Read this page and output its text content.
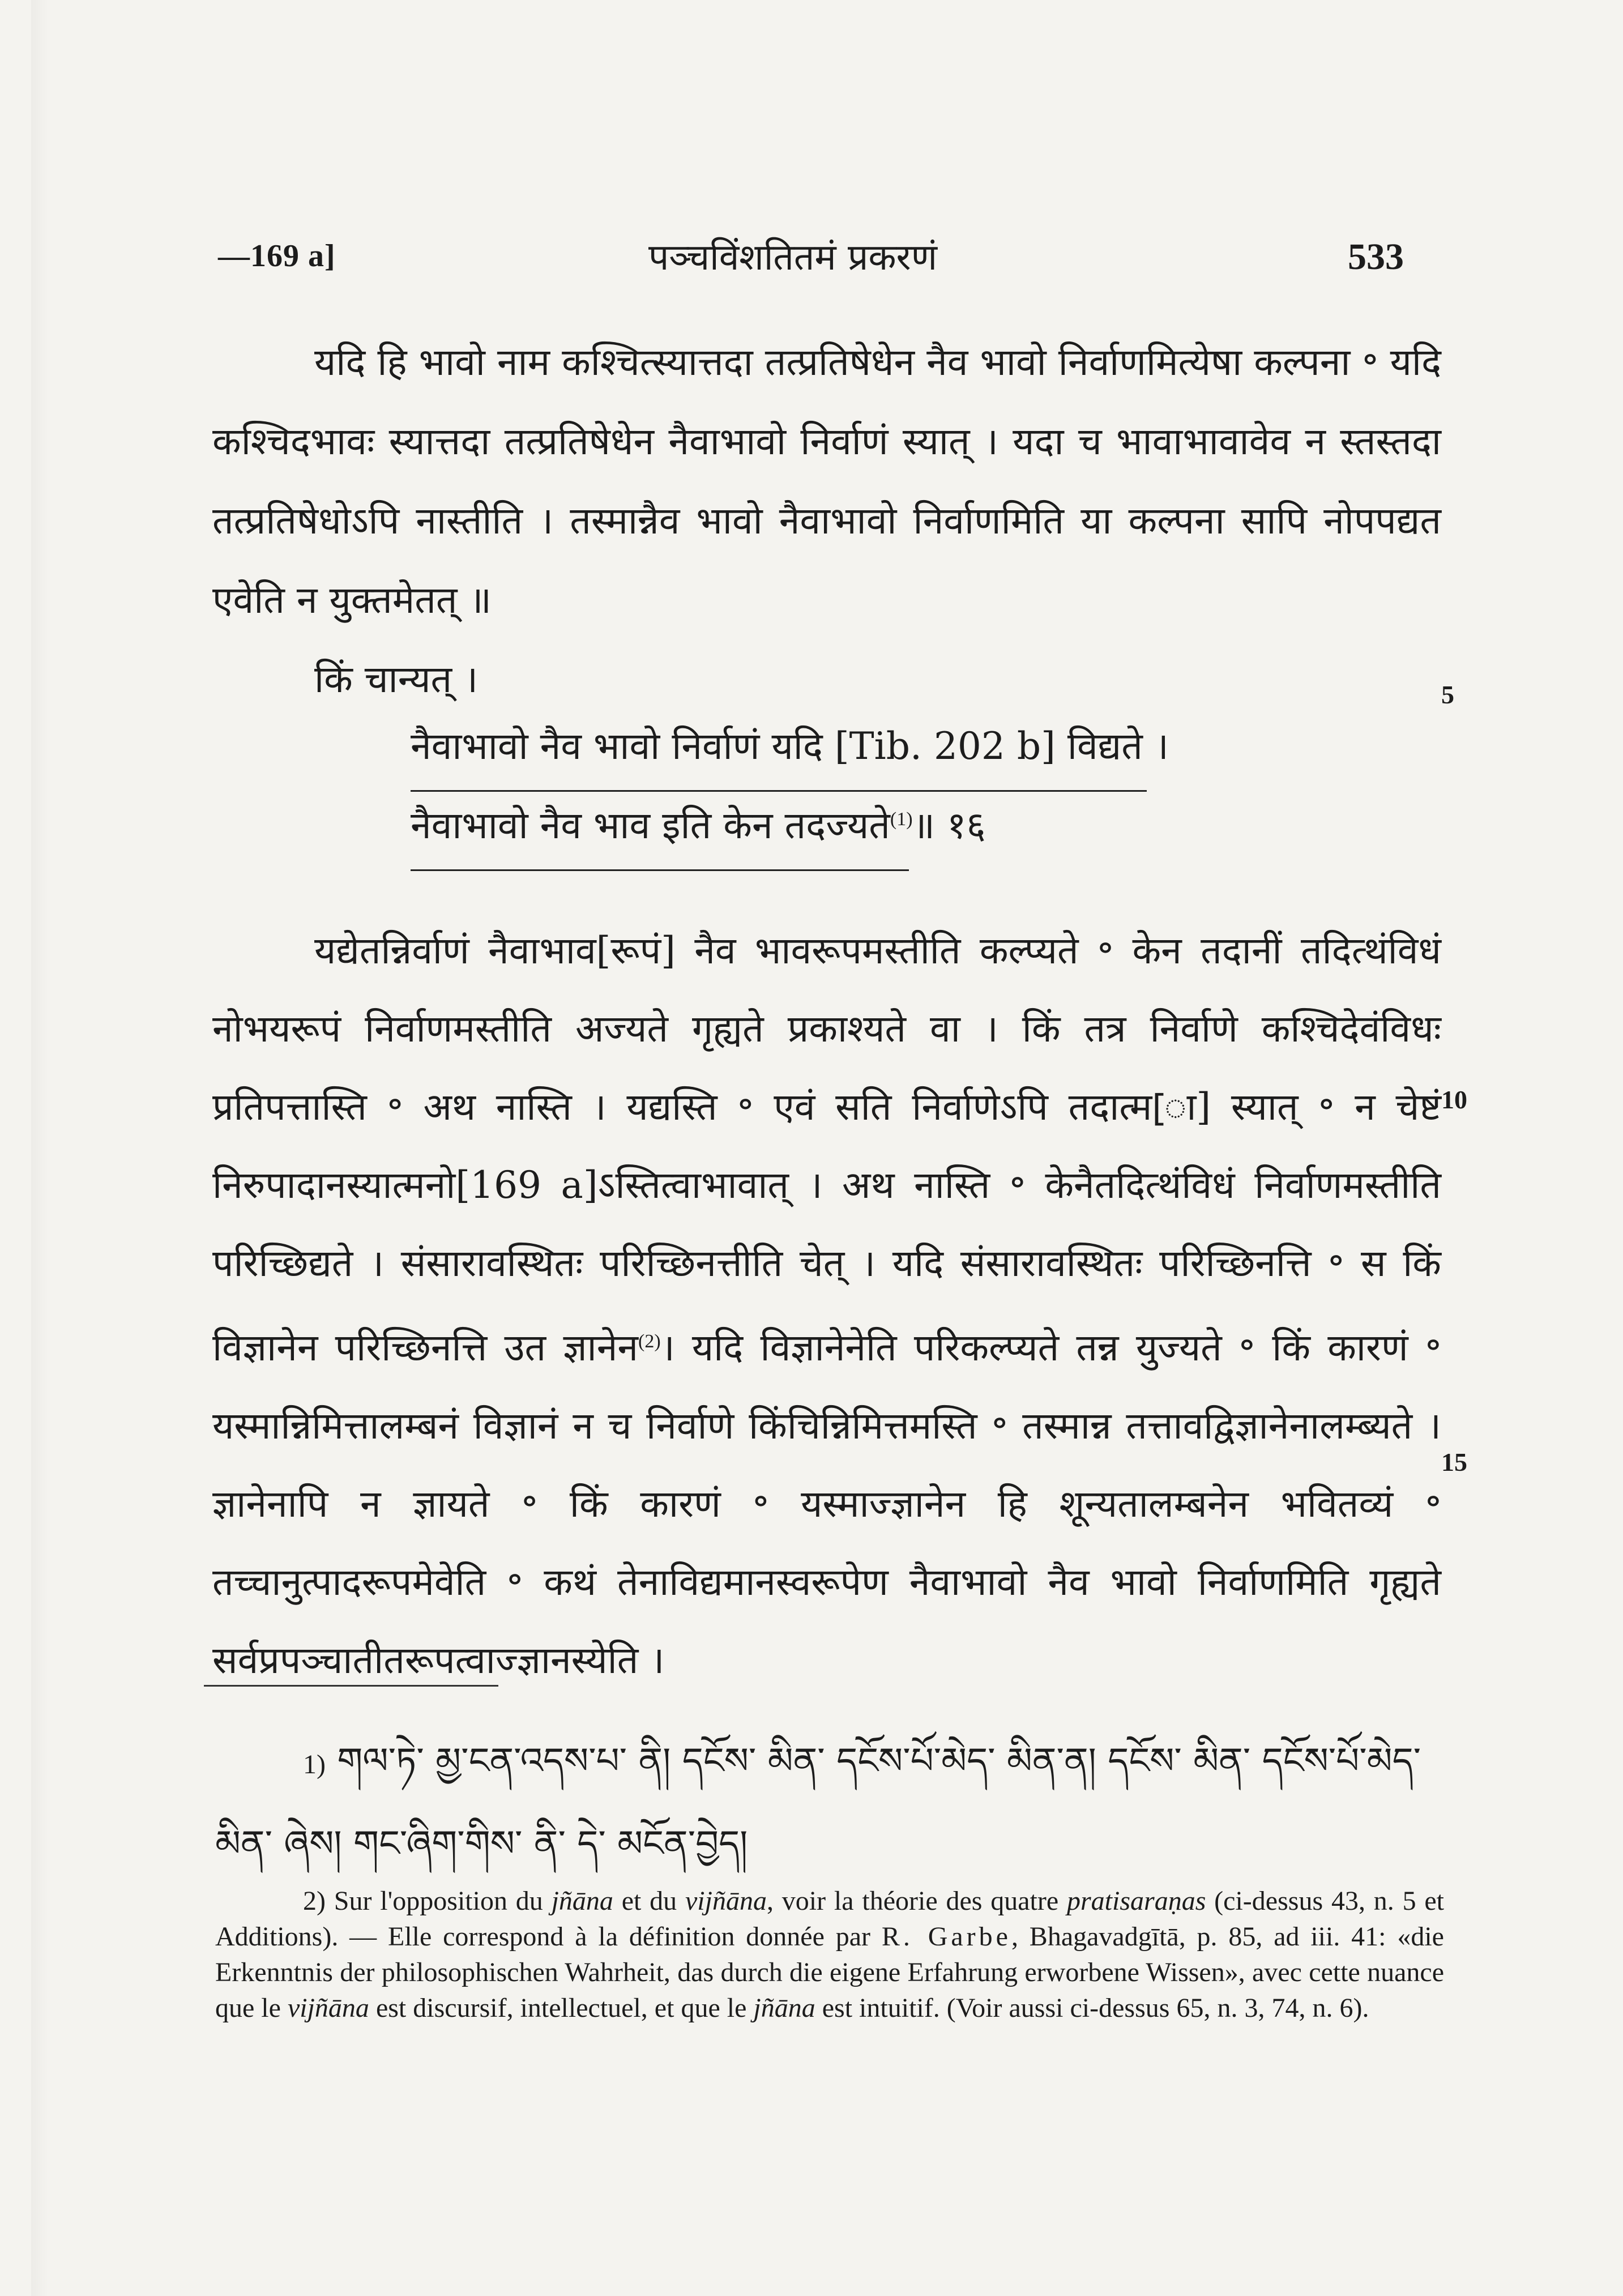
—169 a]	पञ्चविंशतितमं प्रकरणं	533
यदि हि भावो नाम कश्चित्स्यात्तदा तत्प्रतिषेधेन नैव भावो निर्वाणमित्येषा कल्पना ॰ यदि कश्चिदभावः स्यात्तदा तत्प्रतिषेधेन नैवाभावो निर्वाणं स्यात् । यदा च भावाभावावेव न स्तस्तदा तत्प्रतिषेधोऽपि नास्तीति । तस्मान्नैव भावो नैवाभावो निर्वाणमिति या कल्पना सापि नोपपद्यत एवेति न युक्तमेतत् ॥
किं चान्यत् ।	5
नैवाभावो नैव भावो निर्वाणं यदि [Tib. 202 b] विद्यते ।
नैवाभावो नैव भाव इति केन तदज्यते$^{(1)}$॥ १६
यद्येतन्निर्वाणं नैवाभाव[रूपं] नैव भावरूपमस्तीति कल्प्यते ॰ केन तदानीं तदित्थंविधं नोभयरूपं निर्वाणमस्तीति अज्यते गृह्यते प्रकाश्यते वा । किं तत्र निर्वाणे कश्चिदेवंविधः प्रतिपत्तास्ति ॰ अथ नास्ति । यद्यस्ति ॰ एवं सति निर्वाणेऽपि तदात्म[ा] स्यात् ॰ न चेष्टं निरुपादानस्यात्मनो[169 a]ऽस्तित्वाभावात् । अथ नास्ति ॰ केनैतदित्थंविधं निर्वाणमस्तीति परिच्छिद्यते । संसारावस्थितः परिच्छिनत्तीति चेत् । यदि संसारावस्थितः परिच्छिनत्ति ॰ स किं विज्ञानेन परिच्छिनत्ति उत ज्ञानेन$^{(2)}$। यदि विज्ञानेनेति परिकल्प्यते तन्न युज्यते ॰ किं कारणं ॰ यस्मान्निमित्तालम्बनं विज्ञानं न च निर्वाणे किंचिन्निमित्तमस्ति ॰ तस्मान्न तत्तावद्विज्ञानेनालम्ब्यते । ज्ञानेनापि न ज्ञायते ॰ किं कारणं ॰ यस्माज्ज्ञानेन हि शून्यतालम्बनेन भवितव्यं ॰ तच्चानुत्पादरूपमेवेति ॰ कथं तेनाविद्यमानस्वरूपेण नैवाभावो नैव भावो निर्वाणमिति गृह्यते सर्वप्रपञ्चातीतरूपत्वाज्ज्ञानस्येति ।
10
15
1) གལ་ཏེ་ མྱ་ངན་འདས་པ་ ནི། དངོས་ མིན་ དངོས་པོ་མེད་ མིན་ན། དངོས་ མིན་ དངོས་པོ་མེད་ མིན་ ཞེས། གང་ཞིག་གིས་ ནི་ དེ་ མངོན་བྱེད།
2) Sur l'opposition du jñāna et du vijñāna, voir la théorie des quatre pratisaraṇas (ci-dessus 43, n. 5 et Additions). — Elle correspond à la définition donnée par R. Garbe, Bhagavadgītā, p. 85, ad iii. 41: «die Erkenntnis der philosophischen Wahrheit, das durch die eigene Erfahrung erworbene Wissen», avec cette nuance que le vijñāna est discursif, intellectuel, et que le jñāna est intuitif. (Voir aussi ci-dessus 65, n. 3, 74, n. 6).
